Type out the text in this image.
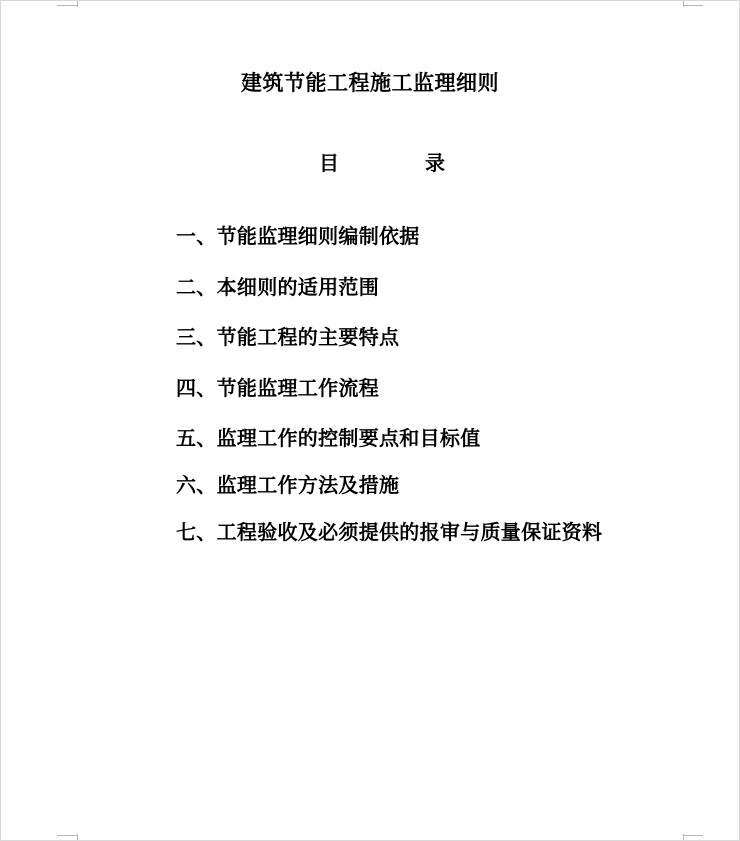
建筑节能工程施工监理细则
目	录
一、节能监理细则编制依据
二、本细则的适用范围
三、节能工程的主要特点
四、节能监理工作流程
五、监理工作的控制要点和目标值
六、监理工作方法及措施
七、工程验收及必须提供的报审与质量保证资料
